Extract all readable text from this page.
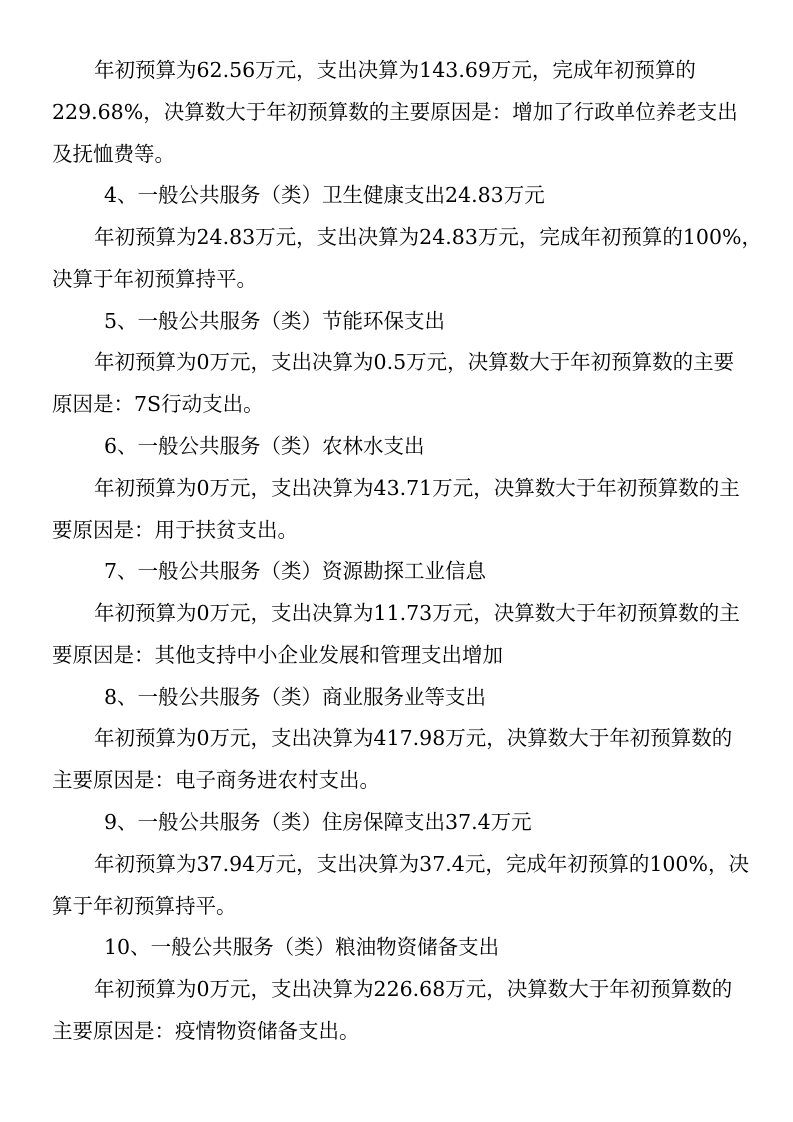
年初预算为62.56万元，支出决算为143.69万元，完成年初预算的
229.68%，决算数大于年初预算数的主要原因是：增加了行政单位养老支出
及抚恤费等。
4、一般公共服务（类）卫生健康支出24.83万元
年初预算为24.83万元，支出决算为24.83万元，完成年初预算的100%，
决算于年初预算持平。
5、一般公共服务（类）节能环保支出
年初预算为0万元，支出决算为0.5万元，决算数大于年初预算数的主要
原因是：7S行动支出。
6、一般公共服务（类）农林水支出
年初预算为0万元，支出决算为43.71万元，决算数大于年初预算数的主
要原因是：用于扶贫支出。
7、一般公共服务（类）资源勘探工业信息
年初预算为0万元，支出决算为11.73万元，决算数大于年初预算数的主
要原因是：其他支持中小企业发展和管理支出增加
8、一般公共服务（类）商业服务业等支出
年初预算为0万元，支出决算为417.98万元，决算数大于年初预算数的
主要原因是：电子商务进农村支出。
9、一般公共服务（类）住房保障支出37.4万元
年初预算为37.94万元，支出决算为37.4元，完成年初预算的100%，决
算于年初预算持平。
10、一般公共服务（类）粮油物资储备支出
年初预算为0万元，支出决算为226.68万元，决算数大于年初预算数的
主要原因是：疫情物资储备支出。
